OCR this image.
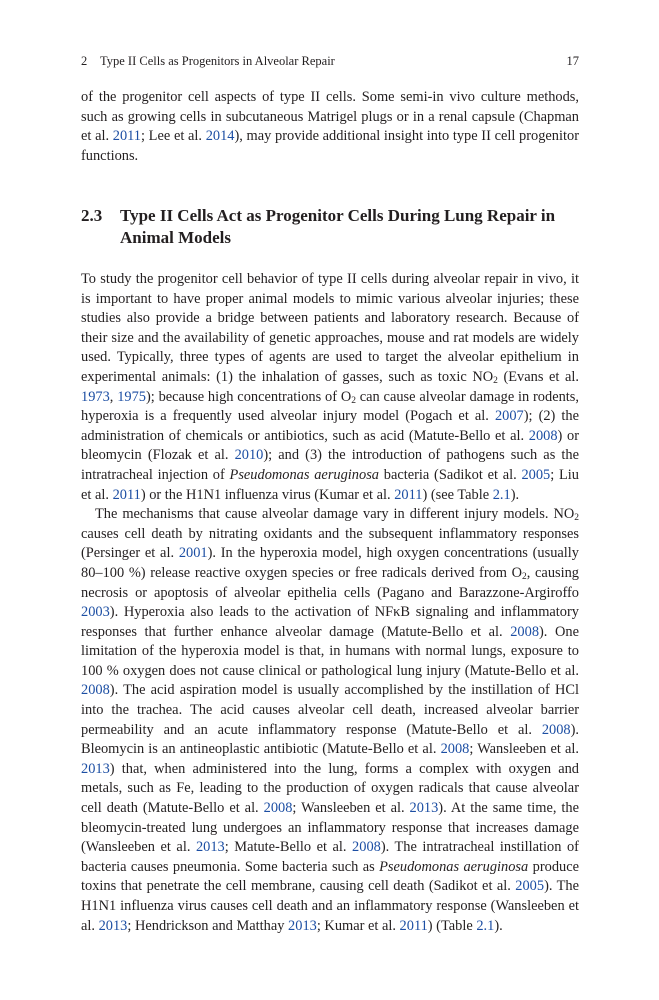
2 Type II Cells as Progenitors in Alveolar Repair	17

of the progenitor cell aspects of type II cells. Some semi-in vivo culture methods, such as growing cells in subcutaneous Matrigel plugs or in a renal capsule (Chapman et al. 2011; Lee et al. 2014), may provide additional insight into type II cell progenitor functions.

2.3 Type II Cells Act as Progenitor Cells During Lung Repair in Animal Models

To study the progenitor cell behavior of type II cells during alveolar repair in vivo, it is important to have proper animal models to mimic various alveolar injuries; these studies also provide a bridge between patients and laboratory research. Because of their size and the availability of genetic approaches, mouse and rat models are widely used. Typically, three types of agents are used to target the alveolar epithelium in experimental animals: (1) the inhalation of gasses, such as toxic $NO_2$ (Evans et al. 1973, 1975); because high concentrations of $O_2$ can cause alveolar damage in rodents, hyperoxia is a frequently used alveolar injury model (Pogach et al. 2007); (2) the administration of chemicals or antibiotics, such as acid (Matute-Bello et al. 2008) or bleomycin (Flozak et al. 2010); and (3) the introduction of pathogens such as the intratracheal injection of Pseudomonas aeruginosa bacteria (Sadikot et al. 2005; Liu et al. 2011) or the H1N1 influenza virus (Kumar et al. 2011) (see Table 2.1).

The mechanisms that cause alveolar damage vary in different injury models. $NO_2$ causes cell death by nitrating oxidants and the subsequent inflammatory responses (Persinger et al. 2001). In the hyperoxia model, high oxygen concentrations (usually 80–100 %) release reactive oxygen species or free radicals derived from $O_2$, causing necrosis or apoptosis of alveolar epithelia cells (Pagano and Barazzone-Argiroffo 2003). Hyperoxia also leads to the activation of NFκB signaling and inflammatory responses that further enhance alveolar damage (Matute-Bello et al. 2008). One limitation of the hyperoxia model is that, in humans with normal lungs, exposure to 100 % oxygen does not cause clinical or pathological lung injury (Matute-Bello et al. 2008). The acid aspiration model is usually accomplished by the instillation of HCl into the trachea. The acid causes alveolar cell death, increased alveolar barrier permeability and an acute inflammatory response (Matute-Bello et al. 2008). Bleomycin is an antineoplastic antibiotic (Matute-Bello et al. 2008; Wansleeben et al. 2013) that, when administered into the lung, forms a complex with oxygen and metals, such as Fe, leading to the production of oxygen radicals that cause alveolar cell death (Matute-Bello et al. 2008; Wansleeben et al. 2013). At the same time, the bleomycin-treated lung undergoes an inflammatory response that increases damage (Wansleeben et al. 2013; Matute-Bello et al. 2008). The intratracheal instillation of bacteria causes pneumonia. Some bacteria such as Pseudomonas aeruginosa produce toxins that penetrate the cell membrane, causing cell death (Sadikot et al. 2005). The H1N1 influenza virus causes cell death and an inflammatory response (Wansleeben et al. 2013; Hendrickson and Matthay 2013; Kumar et al. 2011) (Table 2.1).
